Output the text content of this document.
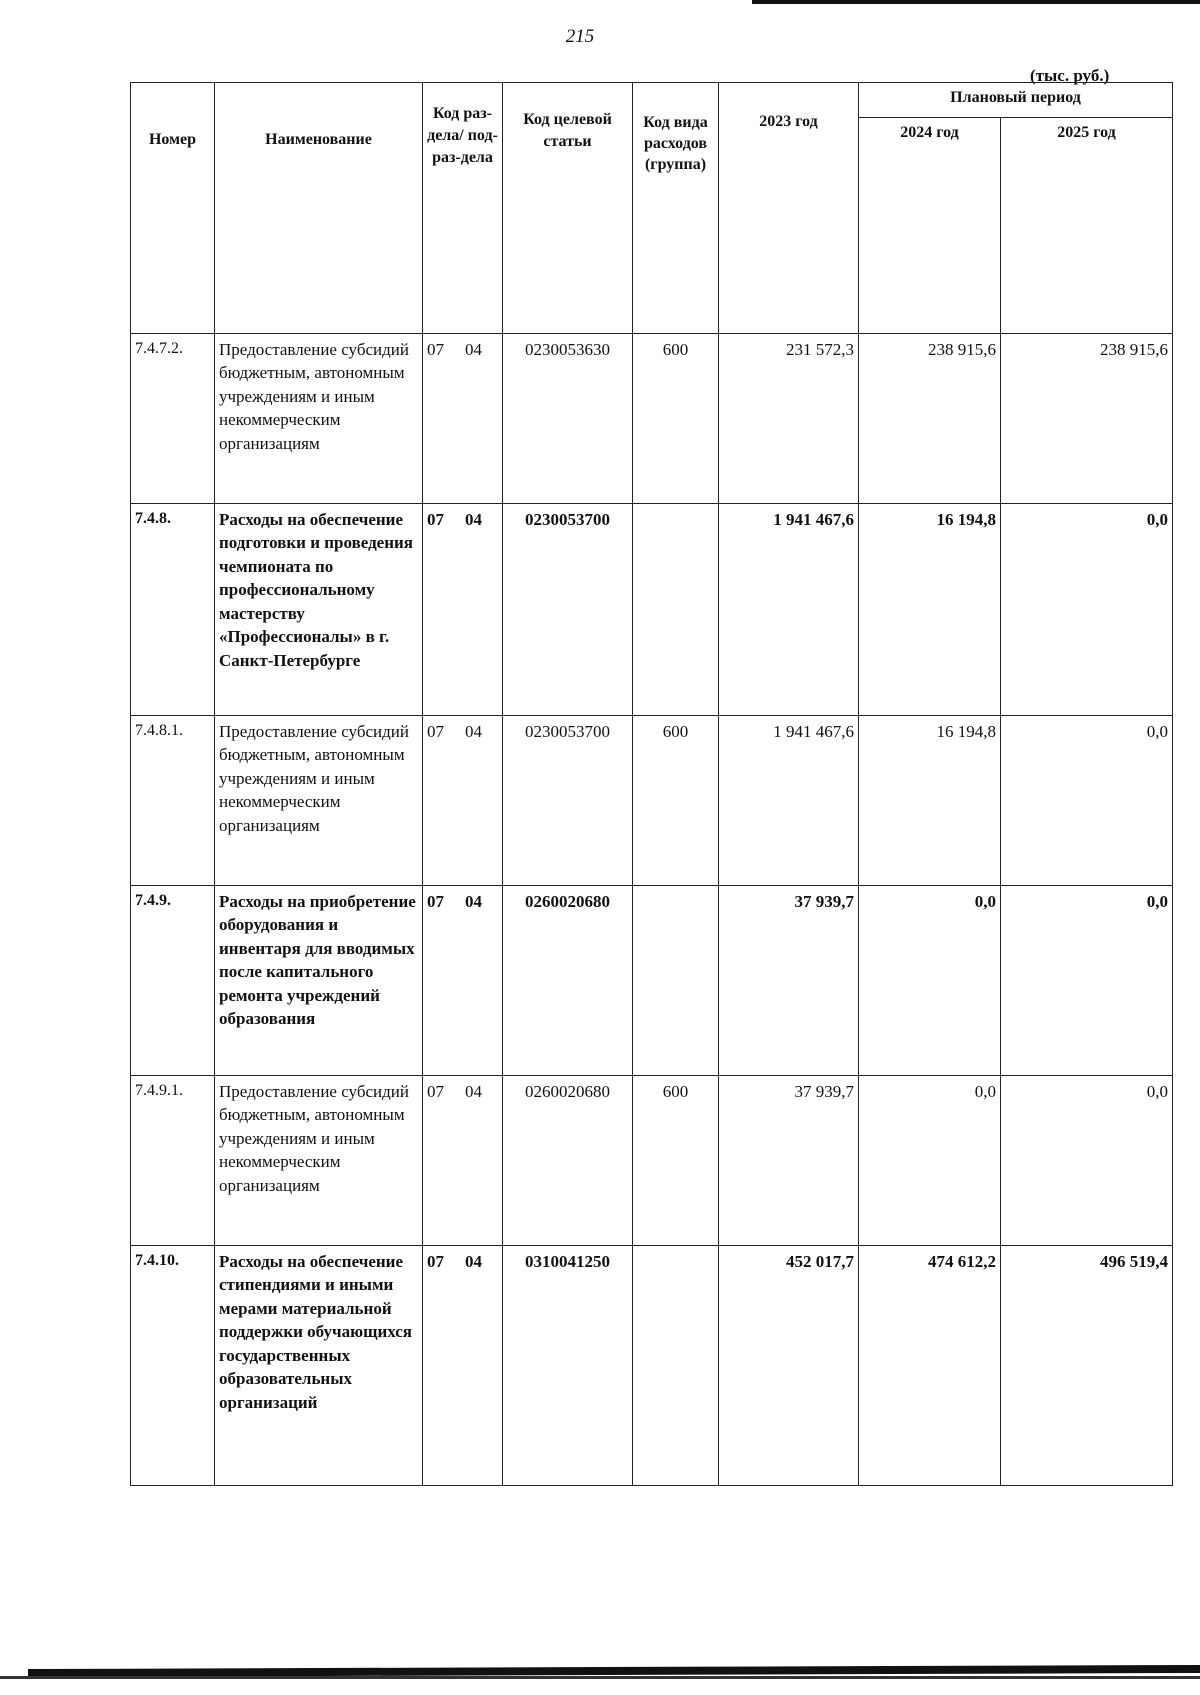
215
(тыс. руб.)
Номер	Наименование	Код раз-дела/ под-раз-дела	Код целевой статьи	Код вида расходов (группа)	2023 год	Плановый период	
						2024 год	2025 год
7.4.7.2.	Предоставление субсидий бюджетным, автономным учреждениям и иным некоммерческим организациям	07 04	0230053630	600	231 572,3	238 915,6	238 915,6
7.4.8.	Расходы на обеспечение подготовки и проведения чемпионата по профессиональному мастерству «Профессионалы» в г. Санкт-Петербурге	07 04	0230053700		1 941 467,6	16 194,8	0,0
7.4.8.1.	Предоставление субсидий бюджетным, автономным учреждениям и иным некоммерческим организациям	07 04	0230053700	600	1 941 467,6	16 194,8	0,0
7.4.9.	Расходы на приобретение оборудования и инвентаря для вводимых после капитального ремонта учреждений образования	07 04	0260020680		37 939,7	0,0	0,0
7.4.9.1.	Предоставление субсидий бюджетным, автономным учреждениям и иным некоммерческим организациям	07 04	0260020680	600	37 939,7	0,0	0,0
7.4.10.	Расходы на обеспечение стипендиями и иными мерами материальной поддержки обучающихся государственных образовательных организаций	07 04	0310041250		452 017,7	474 612,2	496 519,4
